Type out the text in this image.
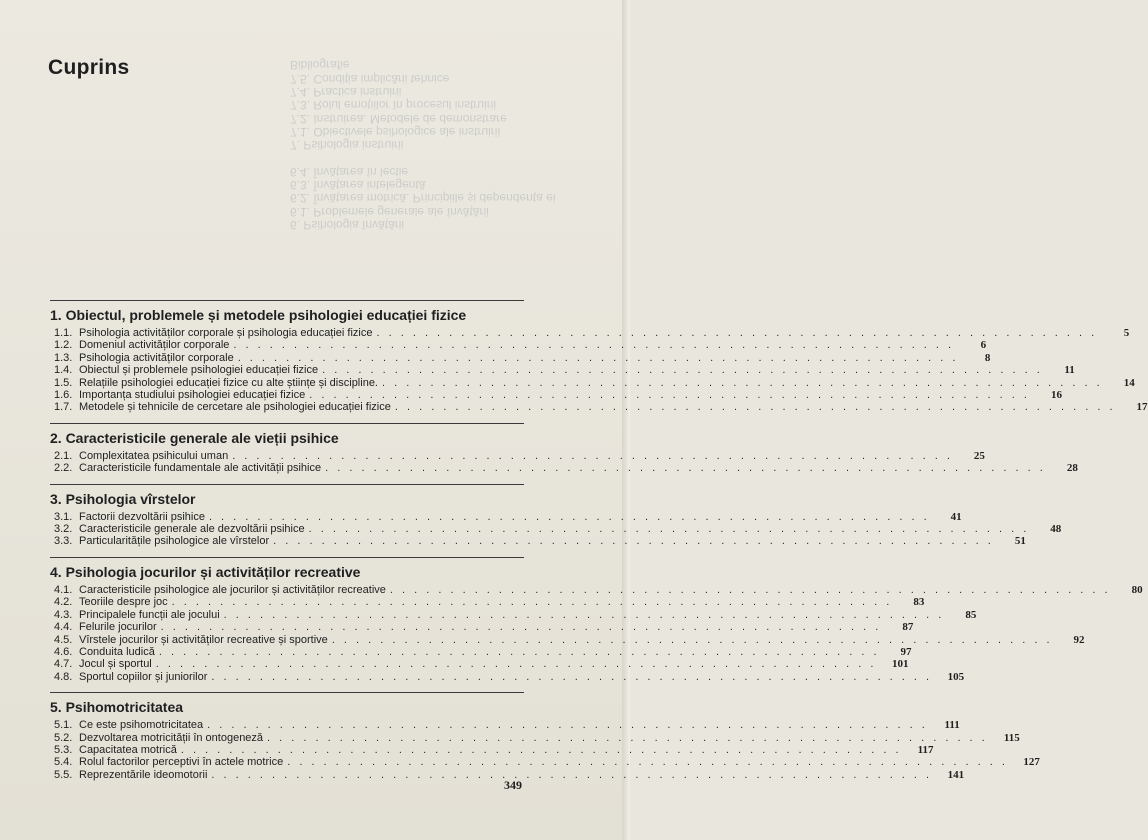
6. Psihologia învățării
6.1. Problemele generale ale învățării
6.2. Învățarea motrică. Principiile și dependența ei
6.3. Învățarea intelegentă
6.4. Învățarea în lectie

7. Psihologia instruirii
7.1. Obiectivele psihologice ale instruirii
7.2. Instruirea. Metodele de demonstrare
7.3. Rolul emoțiilor în procesul instruirii
7.4. Practica instruirii
7.5. Condiția implicării tehnice
Bibliografie
Cuprins
1. Obiectul, problemele și metodele psihologiei educației fizice
1.1. Psihologia activităților corporale și psihologia educației fizice . . . . . . . . . . . . . . . . . . . . . . . . . . . . . . . . . . . . . . . . . . . . . . . . . . . . . . . . . . . .	5
1.2. Domeniul activităților corporale . . . . . . . . . . . . . . . . . . . . . . . . . . . . . . . . . . . . . . . . . . . . . . . . . . . . . . . . . . . .	6
1.3. Psihologia activităților corporale . . . . . . . . . . . . . . . . . . . . . . . . . . . . . . . . . . . . . . . . . . . . . . . . . . . . . . . . . . . .	8
1.4. Obiectul și problemele psihologiei educației fizice . . . . . . . . . . . . . . . . . . . . . . . . . . . . . . . . . . . . . . . . . . . . . . . . . . . . . . . . . . . .	11
1.5. Relațiile psihologiei educației fizice cu alte științe și discipline. . . . . . . . . . . . . . . . . . . . . . . . . . . . . . . . . . . . . . . . . . . . . . . . . . . . . . . . . . . . .	14
1.6. Importanța studiului psihologiei educației fizice . . . . . . . . . . . . . . . . . . . . . . . . . . . . . . . . . . . . . . . . . . . . . . . . . . . . . . . . . . . .	16
1.7. Metodele și tehnicile de cercetare ale psihologiei educației fizice . . . . . . . . . . . . . . . . . . . . . . . . . . . . . . . . . . . . . . . . . . . . . . . . . . . . . . . . . . . .	17
2. Caracteristicile generale ale vieții psihice
2.1. Complexitatea psihicului uman . . . . . . . . . . . . . . . . . . . . . . . . . . . . . . . . . . . . . . . . . . . . . . . . . . . . . . . . . . . .	25
2.2. Caracteristicile fundamentale ale activității psihice . . . . . . . . . . . . . . . . . . . . . . . . . . . . . . . . . . . . . . . . . . . . . . . . . . . . . . . . . . . .	28
3. Psihologia vîrstelor
3.1. Factorii dezvoltării psihice . . . . . . . . . . . . . . . . . . . . . . . . . . . . . . . . . . . . . . . . . . . . . . . . . . . . . . . . . . . .	41
3.2. Caracteristicile generale ale dezvoltării psihice . . . . . . . . . . . . . . . . . . . . . . . . . . . . . . . . . . . . . . . . . . . . . . . . . . . . . . . . . . . .	48
3.3. Particularitățile psihologice ale vîrstelor . . . . . . . . . . . . . . . . . . . . . . . . . . . . . . . . . . . . . . . . . . . . . . . . . . . . . . . . . . . .	51
4. Psihologia jocurilor și activităților recreative
4.1. Caracteristicile psihologice ale jocurilor și activităților recreative . . . . . . . . . . . . . . . . . . . . . . . . . . . . . . . . . . . . . . . . . . . . . . . . . . . . . . . . . . . .	80
4.2. Teoriile despre joc . . . . . . . . . . . . . . . . . . . . . . . . . . . . . . . . . . . . . . . . . . . . . . . . . . . . . . . . . . . .	83
4.3. Principalele funcții ale jocului . . . . . . . . . . . . . . . . . . . . . . . . . . . . . . . . . . . . . . . . . . . . . . . . . . . . . . . . . . . .	85
4.4. Felurile jocurilor . . . . . . . . . . . . . . . . . . . . . . . . . . . . . . . . . . . . . . . . . . . . . . . . . . . . . . . . . . . .	87
4.5. Vîrstele jocurilor și activităților recreative și sportive . . . . . . . . . . . . . . . . . . . . . . . . . . . . . . . . . . . . . . . . . . . . . . . . . . . . . . . . . . . .	92
4.6. Conduita ludică . . . . . . . . . . . . . . . . . . . . . . . . . . . . . . . . . . . . . . . . . . . . . . . . . . . . . . . . . . . .	97
4.7. Jocul și sportul . . . . . . . . . . . . . . . . . . . . . . . . . . . . . . . . . . . . . . . . . . . . . . . . . . . . . . . . . . . .	101
4.8. Sportul copiilor și juniorilor . . . . . . . . . . . . . . . . . . . . . . . . . . . . . . . . . . . . . . . . . . . . . . . . . . . . . . . . . . . .	105
5. Psihomotricitatea
5.1. Ce este psihomotricitatea . . . . . . . . . . . . . . . . . . . . . . . . . . . . . . . . . . . . . . . . . . . . . . . . . . . . . . . . . . . .	111
5.2. Dezvoltarea motricității în ontogeneză . . . . . . . . . . . . . . . . . . . . . . . . . . . . . . . . . . . . . . . . . . . . . . . . . . . . . . . . . . . .	115
5.3. Capacitatea motrică . . . . . . . . . . . . . . . . . . . . . . . . . . . . . . . . . . . . . . . . . . . . . . . . . . . . . . . . . . . .	117
5.4. Rolul factorilor perceptivi în actele motrice . . . . . . . . . . . . . . . . . . . . . . . . . . . . . . . . . . . . . . . . . . . . . . . . . . . . . . . . . . . .	127
5.5. Reprezentările ideomotorii . . . . . . . . . . . . . . . . . . . . . . . . . . . . . . . . . . . . . . . . . . . . . . . . . . . . . . . . . . . .	141
349
